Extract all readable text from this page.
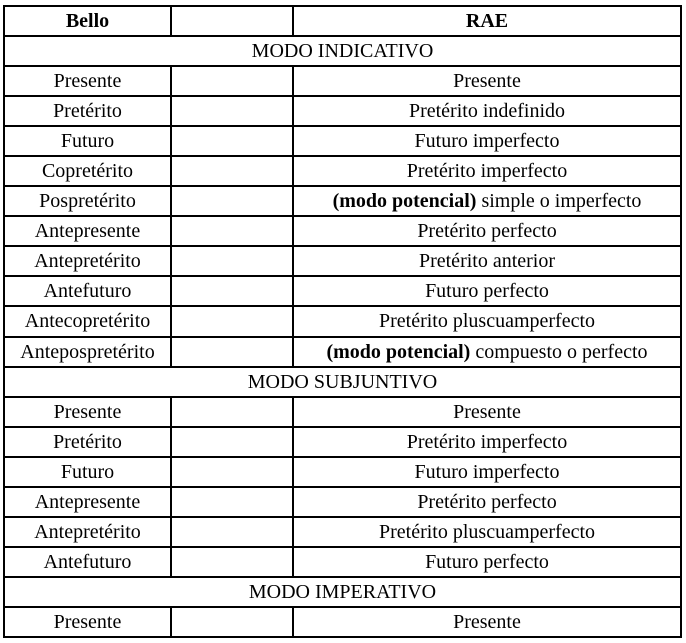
Bello		RAE
MODO INDICATIVO		
Presente		Presente
Pretérito		Pretérito indefinido
Futuro		Futuro imperfecto
Copretérito		Pretérito imperfecto
Pospretérito		(modo potencial) simple o imperfecto
Antepresente		Pretérito perfecto
Antepretérito		Pretérito anterior
Antefuturo		Futuro perfecto
Antecopretérito		Pretérito pluscuamperfecto
Antepospretérito		(modo potencial) compuesto o perfecto
MODO SUBJUNTIVO		
Presente		Presente
Pretérito		Pretérito imperfecto
Futuro		Futuro imperfecto
Antepresente		Pretérito perfecto
Antepretérito		Pretérito pluscuamperfecto
Antefuturo		Futuro perfecto
MODO IMPERATIVO		
Presente		Presente
